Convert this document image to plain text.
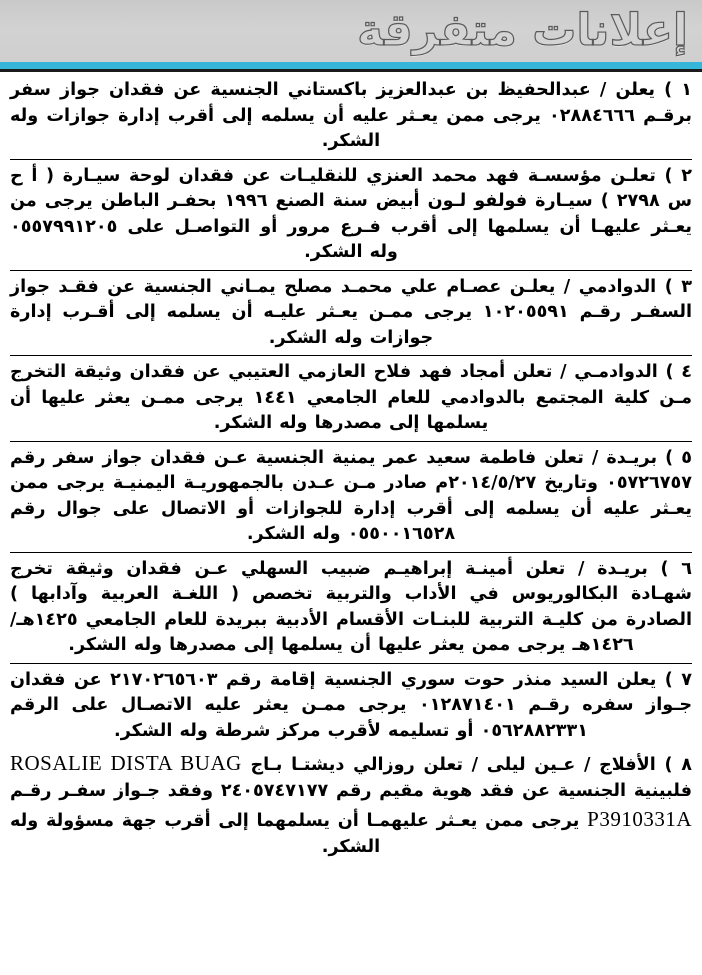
إعلانات متفرقة

١ ) يعلن / عبدالحفيظ بن عبدالعزيز باكستاني الجنسية عن فقدان جواز سفر برقـم ٠٢٨٨٤٦٦٦ يرجى ممن يعـثر عليه أن يسلمه إلى أقرب إدارة جوازات وله الشكر.

٢ ) تعلـن مؤسسـة فهد محمد العنزي للنقليـات عن فقدان لوحة سيـارة ( أ ح س ٢٧٩٨ ) سيـارة فولفو لـون أبيض سنة الصنع ١٩٩٦ بحفـر الباطن يرجى من يعـثر عليهـا أن يسلمها إلى أقرب فـرع مرور أو التواصـل على ٠٥٥٧٩٩١٢٠٥ وله الشكر.

٣ ) الدوادمي / يعلـن عصـام علي محمـد مصلح يمـاني الجنسية عن فقـد جواز السفـر رقـم ١٠٢٠٥٥٩١ يرجى ممـن يعـثر عليـه أن يسلمه إلى أقـرب إدارة جوازات وله الشكر.

٤ ) الدوادمـي / تعلن أمجاد فهد فلاح العازمي العتيبي عن فقدان وثيقة التخرج مـن كلية المجتمع بالدوادمي للعام الجامعي ١٤٤١ يرجى ممـن يعثر عليها أن يسلمها إلى مصدرها وله الشكر.

٥ ) بريـدة / تعلن فاطمة سعيد عمر يمنية الجنسية عـن فقدان جواز سفر رقم ٠٥٧٢٦٧٥٧ وتاريخ ٢٠١٤/٥/٢٧م صادر مـن عـدن بالجمهوريـة اليمنيـة يرجى ممن يعـثر عليه أن يسلمه إلى أقرب إدارة للجوازات أو الاتصال على جوال رقم ٠٥٥٠٠١٦٥٢٨ وله الشكر.

٦ ) بريـدة / تعلن أمينـة إبراهيـم ضبيب السهلي عـن فقدان وثيقة تخرج شهـادة البكالوريوس في الأداب والتربية تخصص ( اللغـة العربية وآدابها ) الصادرة من كليـة التربية للبنـات الأقسام الأدبية ببريدة للعام الجامعي ١٤٢٥هـ/١٤٢٦هـ يرجى ممن يعثر عليها أن يسلمها إلى مصدرها وله الشكر.

٧ ) يعلن السيد منذر حوت سوري الجنسية إقامة رقم ٢١٧٠٢٦٥٦٠٣ عن فقدان جـواز سفره رقـم ٠١٢٨٧١٤٠١ يرجى ممـن يعثر عليه الاتصـال على الرقم ٠٥٦٢٨٨٢٣٣١ أو تسليمه لأقرب مركز شرطة وله الشكر.

٨ ) الأفلاج / عـين ليلى / تعلن روزالي ديشتـا بـاج ROSALIE DISTA BUAG فلبينية الجنسية عن فقد هوية مقيم رقم ٢٤٠٥٧٤٧١٧٧ وفقد جـواز سفـر رقـم P3910331A يرجى ممن يعـثر عليهمـا أن يسلمهما إلى أقرب جهة مسؤولة وله الشكر.
